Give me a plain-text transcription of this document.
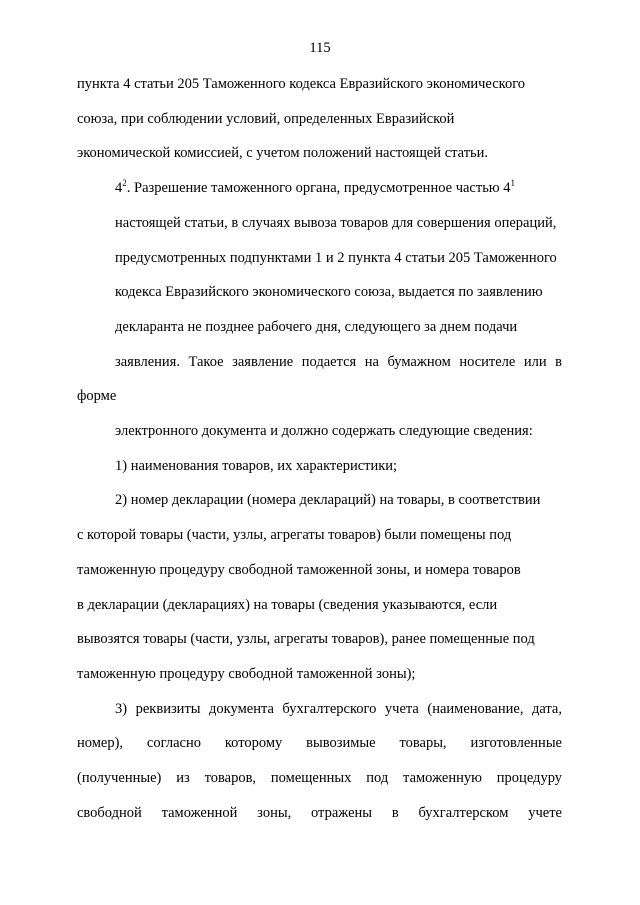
115
пункта 4 статьи 205 Таможенного кодекса Евразийского экономического
союза, при соблюдении условий, определенных Евразийской
экономической комиссией, с учетом положений настоящей статьи.
$4^2$. Разрешение таможенного органа, предусмотренное частью $4^1$
настоящей статьи, в случаях вывоза товаров для совершения операций,
предусмотренных подпунктами 1 и 2 пункта 4 статьи 205 Таможенного
кодекса Евразийского экономического союза, выдается по заявлению
декларанта не позднее рабочего дня, следующего за днем подачи
заявления. Такое заявление подается на бумажном носителе или в форме
электронного документа и должно содержать следующие сведения:
1) наименования товаров, их характеристики;
2) номер декларации (номера деклараций) на товары, в соответствии
с которой товары (части, узлы, агрегаты товаров) были помещены под
таможенную процедуру свободной таможенной зоны, и номера товаров
в декларации (декларациях) на товары (сведения указываются, если
вывозятся товары (части, узлы, агрегаты товаров), ранее помещенные под
таможенную процедуру свободной таможенной зоны);
3) реквизиты документа бухгалтерского учета (наименование, дата,
номер), согласно которому вывозимые товары, изготовленные
(полученные) из товаров, помещенных под таможенную процедуру
свободной таможенной зоны, отражены в бухгалтерском учете
